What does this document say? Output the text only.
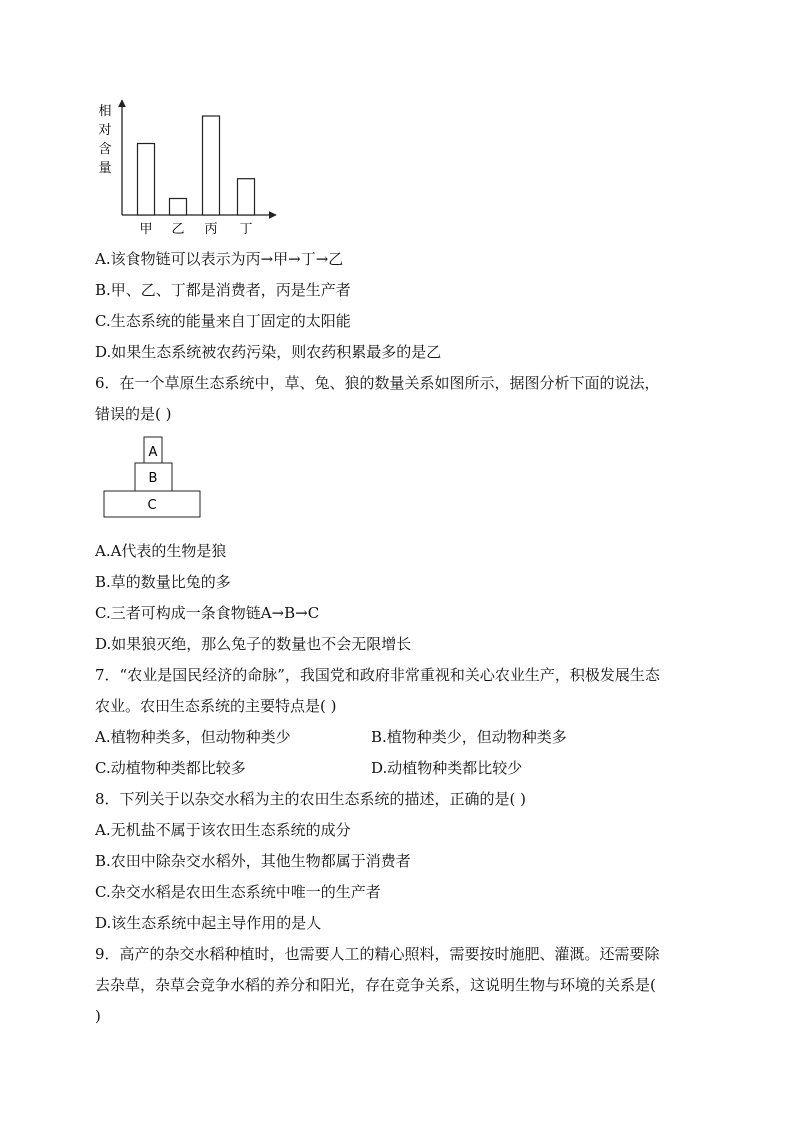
相
对
含
量
甲 乙 丙 丁
A.该食物链可以表示为丙→甲→丁→乙
B.甲、乙、丁都是消费者，丙是生产者
C.生态系统的能量来自丁固定的太阳能
D.如果生态系统被农药污染，则农药积累最多的是乙
6．在一个草原生态系统中，草、兔、狼的数量关系如图所示，据图分析下面的说法，
错误的是( )
A
B
C
A.A代表的生物是狼
B.草的数量比兔的多
C.三者可构成一条食物链A→B→C
D.如果狼灭绝，那么兔子的数量也不会无限增长
7．“农业是国民经济的命脉”，我国党和政府非常重视和关心农业生产，积极发展生态
农业。农田生态系统的主要特点是( )
A.植物种类多，但动物种类少	B.植物种类少，但动物种类多
C.动植物种类都比较多	D.动植物种类都比较少
8．下列关于以杂交水稻为主的农田生态系统的描述，正确的是( )
A.无机盐不属于该农田生态系统的成分
B.农田中除杂交水稻外，其他生物都属于消费者
C.杂交水稻是农田生态系统中唯一的生产者
D.该生态系统中起主导作用的是人
9．高产的杂交水稻种植时，也需要人工的精心照料，需要按时施肥、灌溉。还需要除
去杂草，杂草会竞争水稻的养分和阳光，存在竞争关系，这说明生物与环境的关系是(
)
